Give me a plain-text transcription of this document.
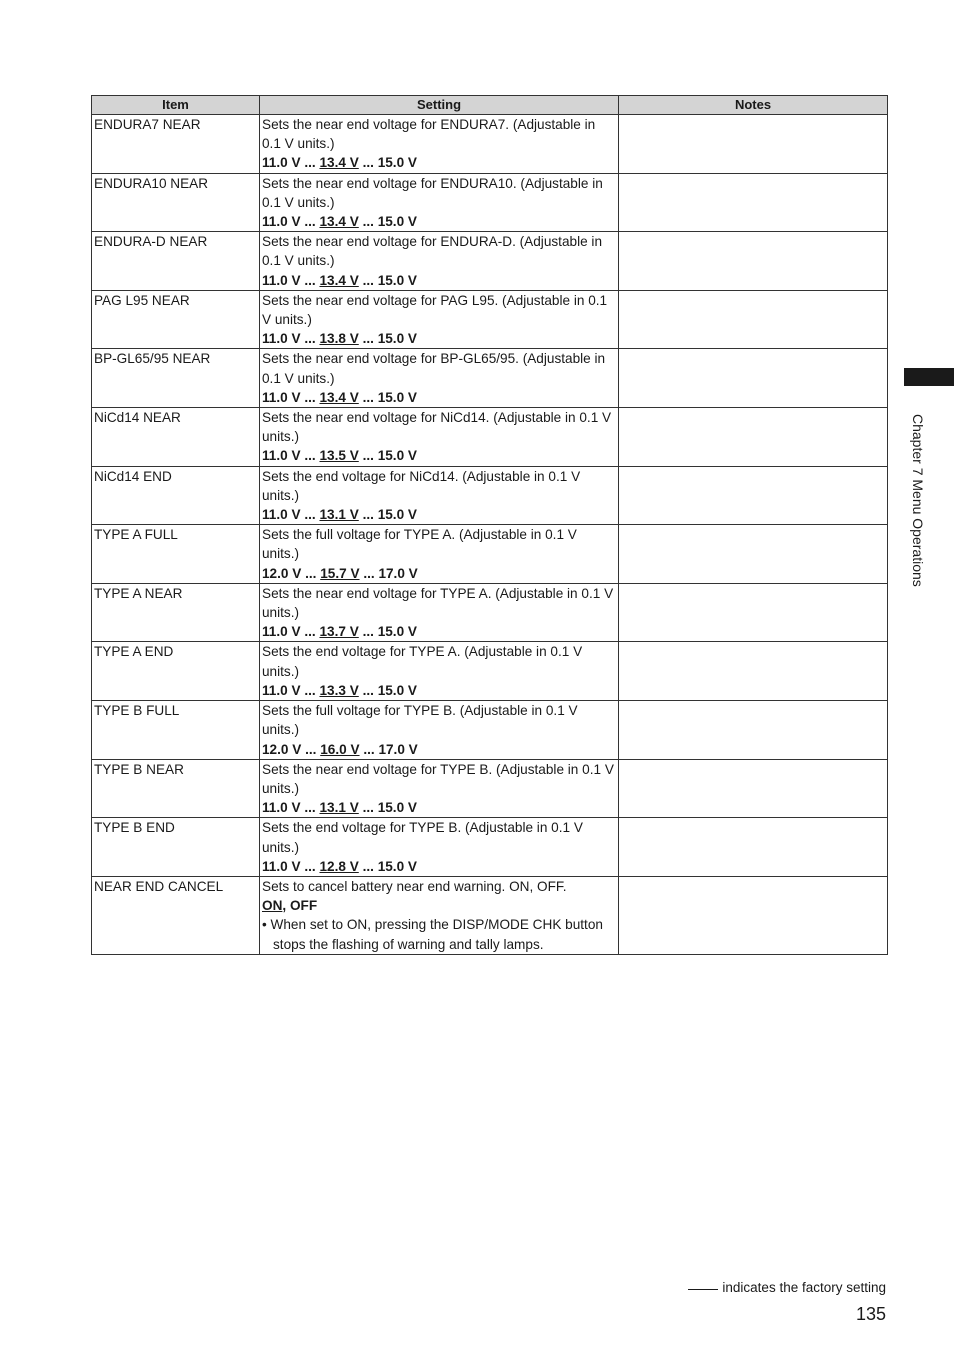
Item	Setting	Notes
ENDURA7 NEAR	Sets the near end voltage for ENDURA7. (Adjustable in 0.1 V units.)
11.0 V ... 13.4 V ... 15.0 V	

ENDURA10 NEAR	Sets the near end voltage for ENDURA10. (Adjustable in 0.1 V units.)
11.0 V ... 13.4 V ... 15.0 V	

ENDURA-D NEAR	Sets the near end voltage for ENDURA-D. (Adjustable in 0.1 V units.)
11.0 V ... 13.4 V ... 15.0 V	

PAG L95 NEAR	Sets the near end voltage for PAG L95. (Adjustable in 0.1 V units.)
11.0 V ... 13.8 V ... 15.0 V	

BP-GL65/95 NEAR	Sets the near end voltage for BP-GL65/95. (Adjustable in 0.1 V units.)
11.0 V ... 13.4 V ... 15.0 V	

NiCd14 NEAR	Sets the near end voltage for NiCd14. (Adjustable in 0.1 V units.)
11.0 V ... 13.5 V ... 15.0 V	

NiCd14 END	Sets the end voltage for NiCd14. (Adjustable in 0.1 V units.)
11.0 V ... 13.1 V ... 15.0 V	

TYPE A FULL	Sets the full voltage for TYPE A. (Adjustable in 0.1 V units.)
12.0 V ... 15.7 V ... 17.0 V	

TYPE A NEAR	Sets the near end voltage for TYPE A. (Adjustable in 0.1 V units.)
11.0 V ... 13.7 V ... 15.0 V	

TYPE A END	Sets the end voltage for TYPE A. (Adjustable in 0.1 V units.)
11.0 V ... 13.3 V ... 15.0 V	

TYPE B FULL	Sets the full voltage for TYPE B. (Adjustable in 0.1 V units.)
12.0 V ... 16.0 V ... 17.0 V	

TYPE B NEAR	Sets the near end voltage for TYPE B. (Adjustable in 0.1 V units.)
11.0 V ... 13.1 V ... 15.0 V	

TYPE B END	Sets the end voltage for TYPE B. (Adjustable in 0.1 V units.)
11.0 V ... 12.8 V ... 15.0 V	

NEAR END CANCEL	Sets to cancel battery near end warning. ON, OFF.
ON, OFF
• When set to ON, pressing the DISP/MODE CHK button stops the flashing of warning and tally lamps.	

Chapter 7 Menu Operations
indicates the factory setting
135
